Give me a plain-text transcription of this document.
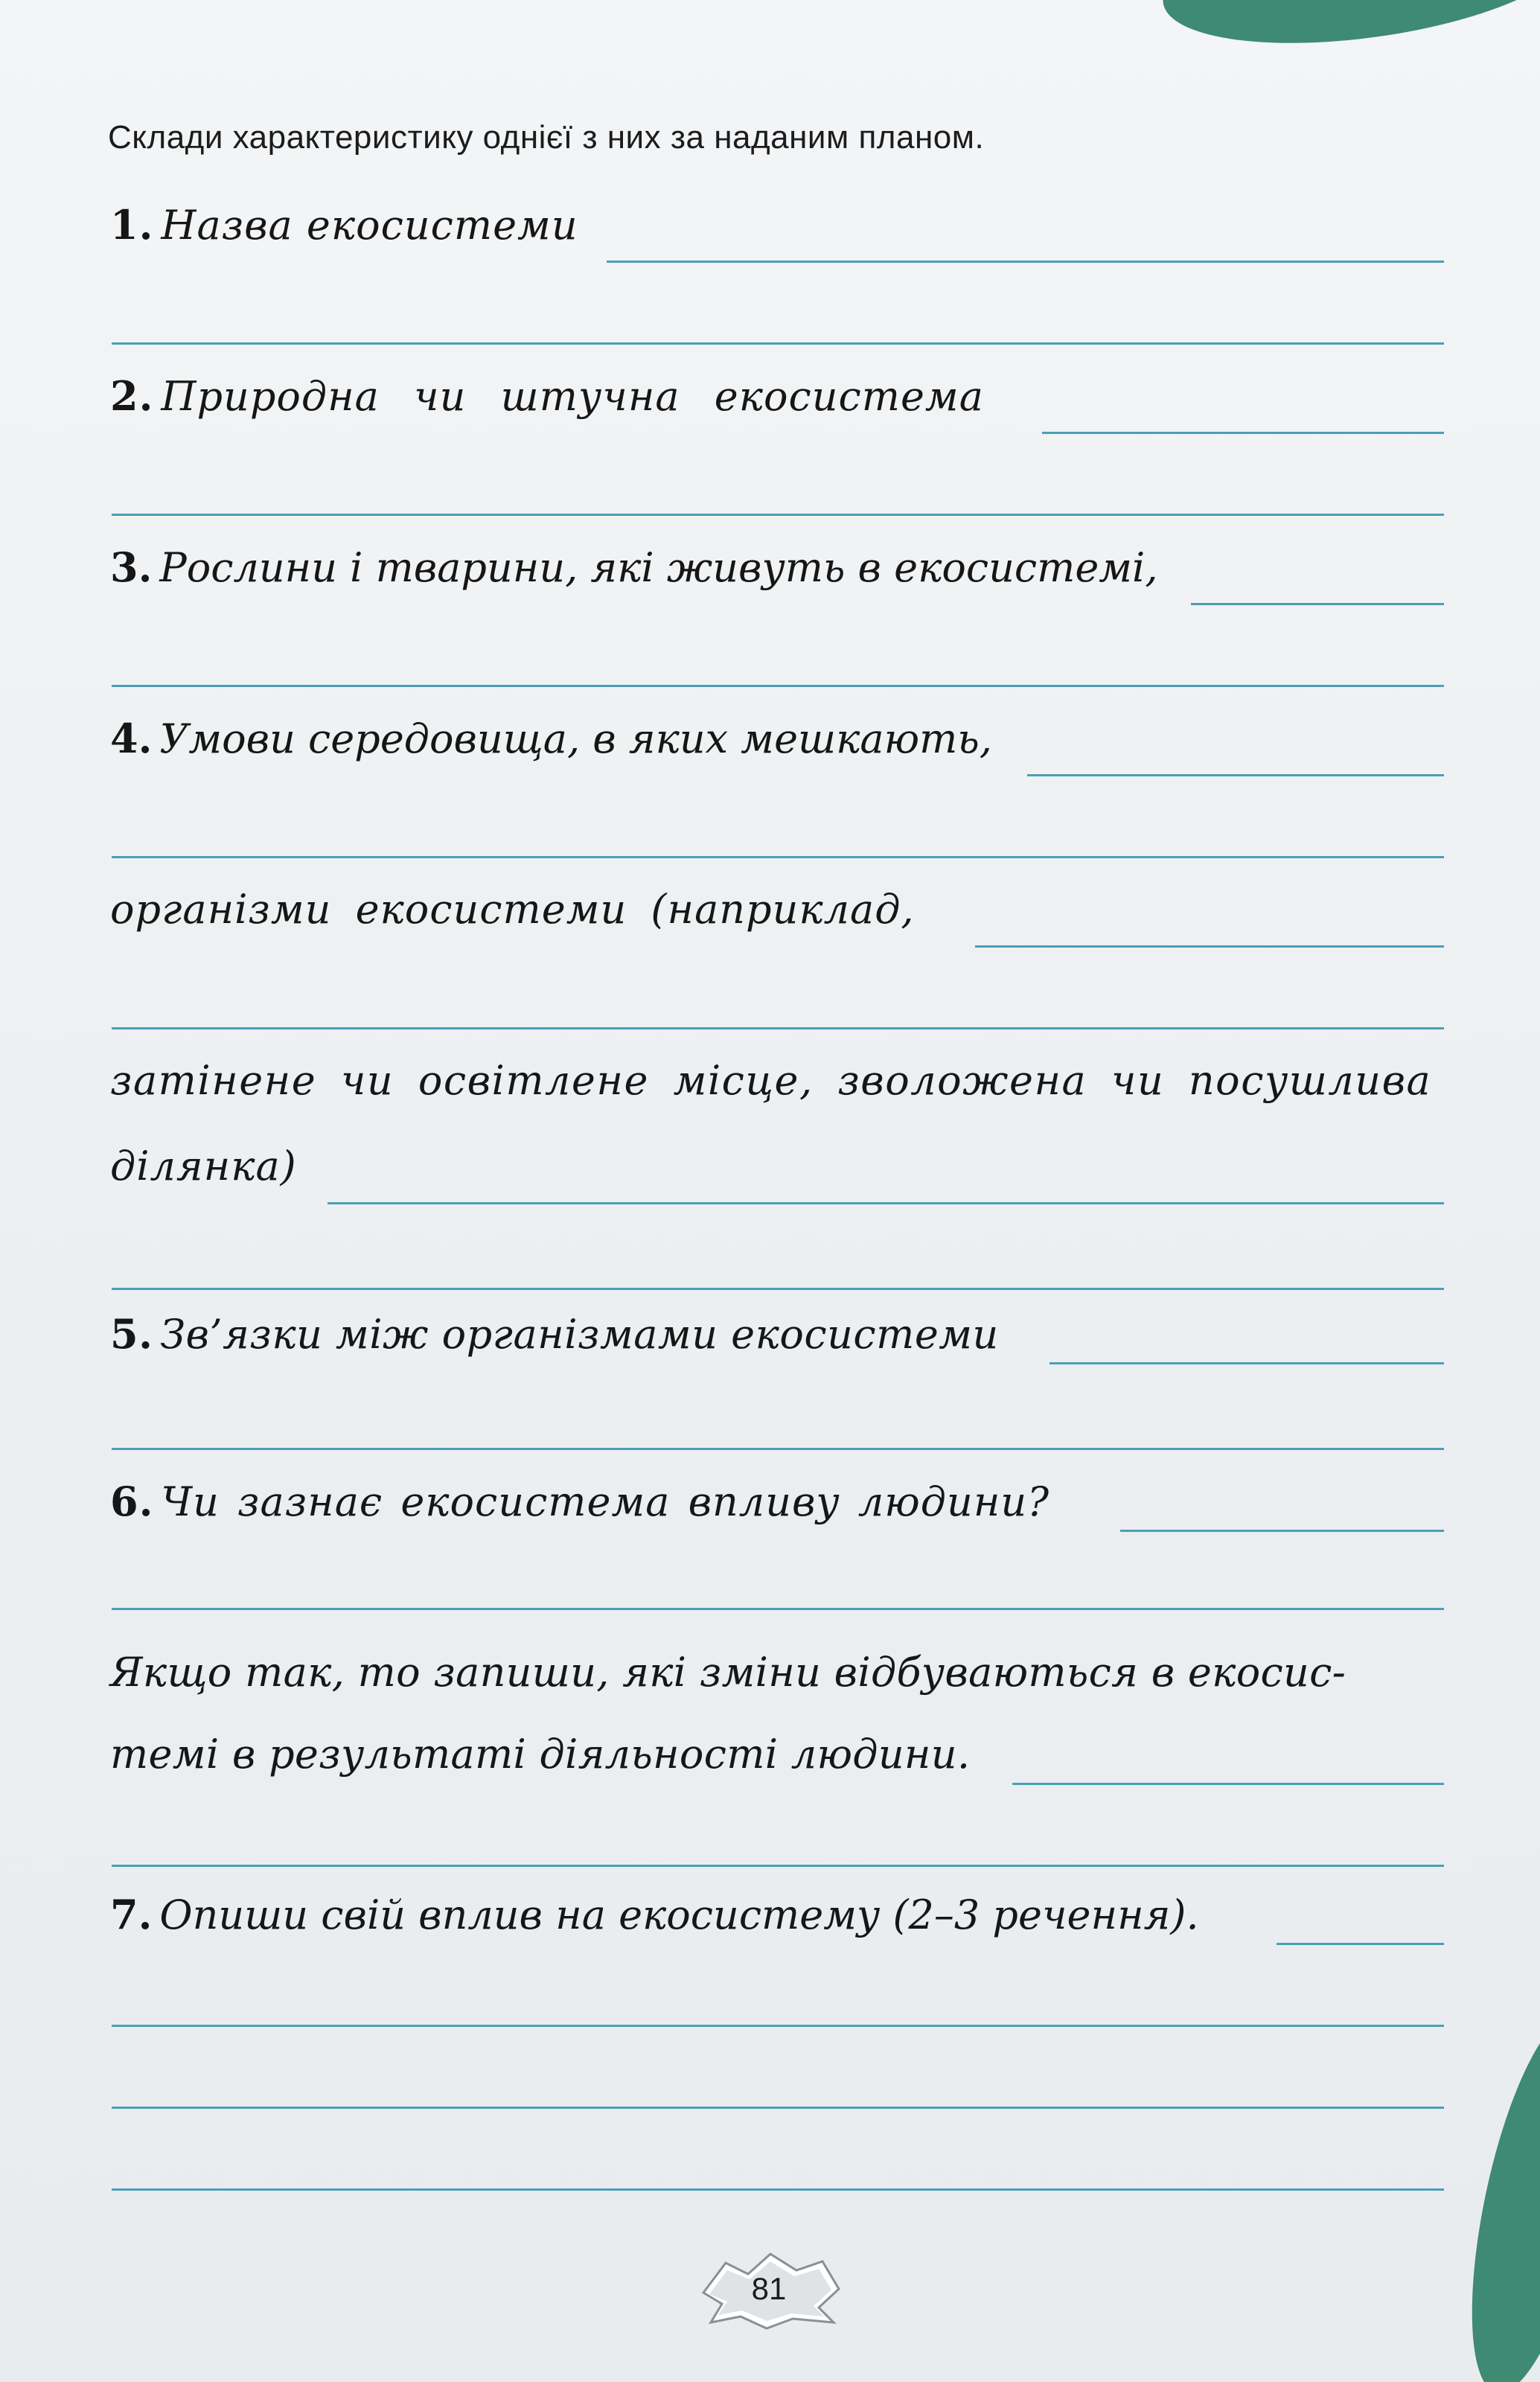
Склади характеристику однієї з них за наданим планом.
1. Назва екосистеми
2. Природна чи штучна екосистема
3. Рослини і тварини, які живуть в екосистемі,
4. Умови середовища, в яких мешкають,
організми екосистеми (наприклад,
затінене чи освітлене місце, зволожена чи посушлива
ділянка)
5. Зв’язки між організмами екосистеми
6. Чи зазнає екосистема впливу людини?
Якщо так, то запиши, які зміни відбуваються в екосис-
темі в результаті діяльності людини.
7. Опиши свій вплив на екосистему (2–3 речення).
81
